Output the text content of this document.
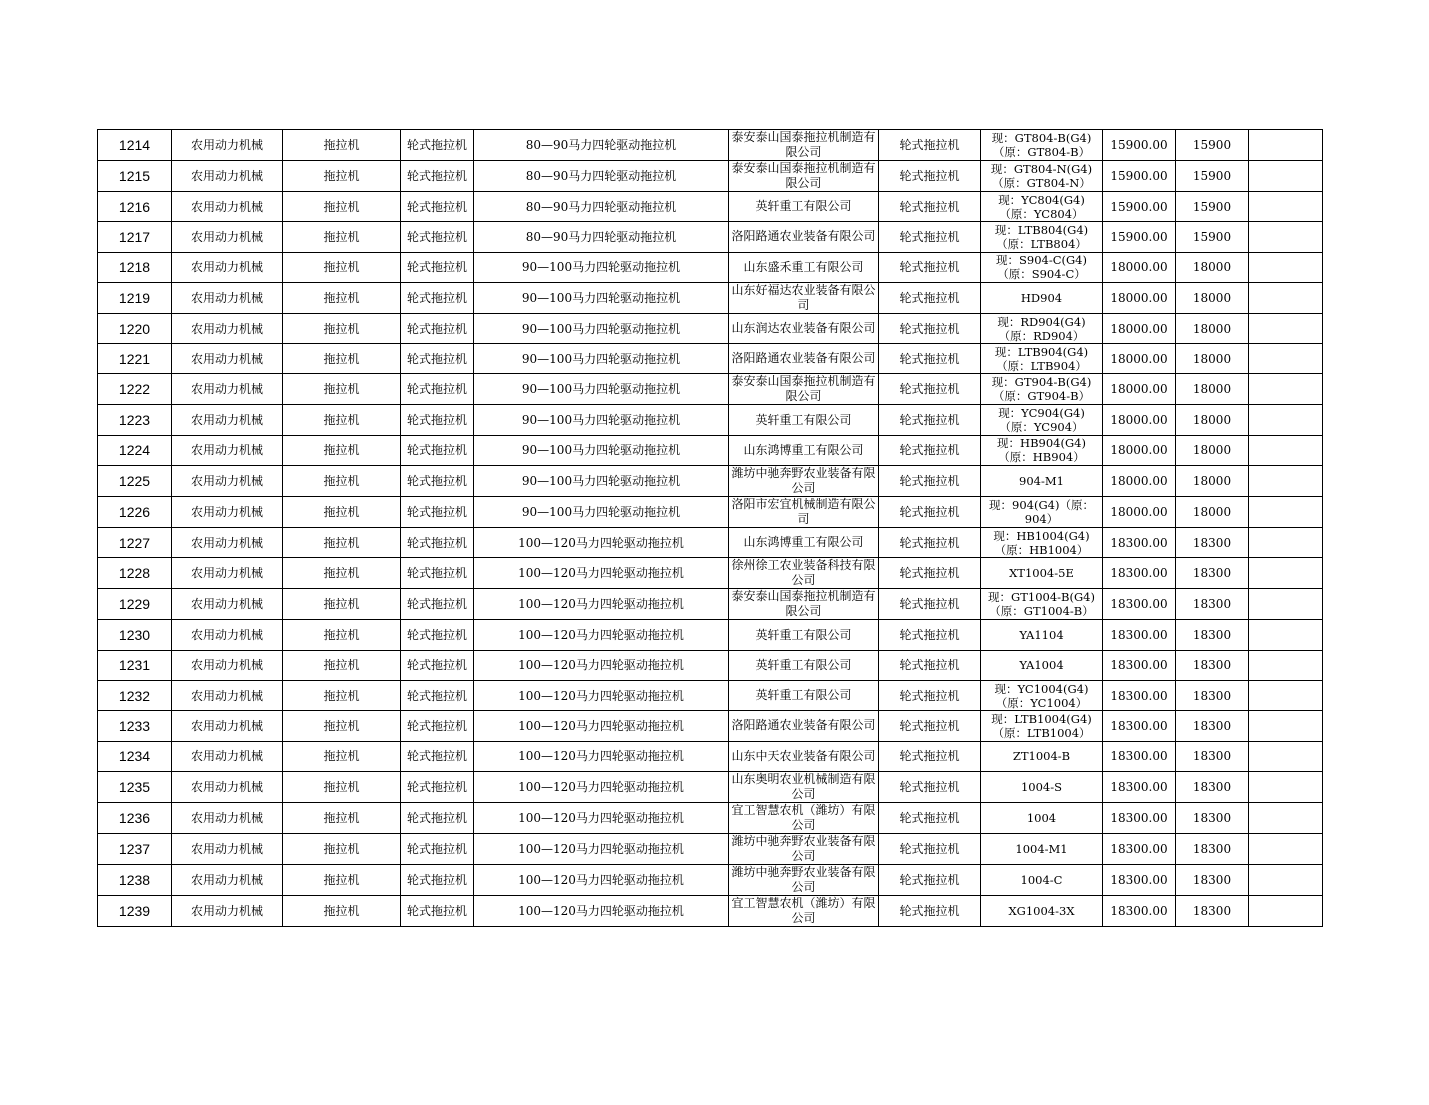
1214	农用动力机械	拖拉机	轮式拖拉机	80—90马力四轮驱动拖拉机	泰安泰山国泰拖拉机制造有限公司	轮式拖拉机	现：GT804-B(G4)（原：GT804-B）	15900.00	15900	
1215	农用动力机械	拖拉机	轮式拖拉机	80—90马力四轮驱动拖拉机	泰安泰山国泰拖拉机制造有限公司	轮式拖拉机	现：GT804-N(G4)（原：GT804-N）	15900.00	15900	
1216	农用动力机械	拖拉机	轮式拖拉机	80—90马力四轮驱动拖拉机	英轩重工有限公司	轮式拖拉机	现：YC804(G4)（原：YC804）	15900.00	15900	
1217	农用动力机械	拖拉机	轮式拖拉机	80—90马力四轮驱动拖拉机	洛阳路通农业装备有限公司	轮式拖拉机	现：LTB804(G4)（原：LTB804）	15900.00	15900	
1218	农用动力机械	拖拉机	轮式拖拉机	90—100马力四轮驱动拖拉机	山东盛禾重工有限公司	轮式拖拉机	现：S904-C(G4)（原：S904-C）	18000.00	18000	
1219	农用动力机械	拖拉机	轮式拖拉机	90—100马力四轮驱动拖拉机	山东好福达农业装备有限公司	轮式拖拉机	HD904	18000.00	18000	
1220	农用动力机械	拖拉机	轮式拖拉机	90—100马力四轮驱动拖拉机	山东润达农业装备有限公司	轮式拖拉机	现：RD904(G4)（原：RD904）	18000.00	18000	
1221	农用动力机械	拖拉机	轮式拖拉机	90—100马力四轮驱动拖拉机	洛阳路通农业装备有限公司	轮式拖拉机	现：LTB904(G4)（原：LTB904）	18000.00	18000	
1222	农用动力机械	拖拉机	轮式拖拉机	90—100马力四轮驱动拖拉机	泰安泰山国泰拖拉机制造有限公司	轮式拖拉机	现：GT904-B(G4)（原：GT904-B）	18000.00	18000	
1223	农用动力机械	拖拉机	轮式拖拉机	90—100马力四轮驱动拖拉机	英轩重工有限公司	轮式拖拉机	现：YC904(G4)（原：YC904）	18000.00	18000	
1224	农用动力机械	拖拉机	轮式拖拉机	90—100马力四轮驱动拖拉机	山东鸿博重工有限公司	轮式拖拉机	现：HB904(G4)（原：HB904）	18000.00	18000	
1225	农用动力机械	拖拉机	轮式拖拉机	90—100马力四轮驱动拖拉机	潍坊中驰奔野农业装备有限公司	轮式拖拉机	904-M1	18000.00	18000	
1226	农用动力机械	拖拉机	轮式拖拉机	90—100马力四轮驱动拖拉机	洛阳市宏宜机械制造有限公司	轮式拖拉机	现：904(G4)（原：904）	18000.00	18000	
1227	农用动力机械	拖拉机	轮式拖拉机	100—120马力四轮驱动拖拉机	山东鸿博重工有限公司	轮式拖拉机	现：HB1004(G4)（原：HB1004）	18300.00	18300	
1228	农用动力机械	拖拉机	轮式拖拉机	100—120马力四轮驱动拖拉机	徐州徐工农业装备科技有限公司	轮式拖拉机	XT1004-5E	18300.00	18300	
1229	农用动力机械	拖拉机	轮式拖拉机	100—120马力四轮驱动拖拉机	泰安泰山国泰拖拉机制造有限公司	轮式拖拉机	现：GT1004-B(G4)（原：GT1004-B）	18300.00	18300	
1230	农用动力机械	拖拉机	轮式拖拉机	100—120马力四轮驱动拖拉机	英轩重工有限公司	轮式拖拉机	YA1104	18300.00	18300	
1231	农用动力机械	拖拉机	轮式拖拉机	100—120马力四轮驱动拖拉机	英轩重工有限公司	轮式拖拉机	YA1004	18300.00	18300	
1232	农用动力机械	拖拉机	轮式拖拉机	100—120马力四轮驱动拖拉机	英轩重工有限公司	轮式拖拉机	现：YC1004(G4)（原：YC1004）	18300.00	18300	
1233	农用动力机械	拖拉机	轮式拖拉机	100—120马力四轮驱动拖拉机	洛阳路通农业装备有限公司	轮式拖拉机	现：LTB1004(G4)（原：LTB1004）	18300.00	18300	
1234	农用动力机械	拖拉机	轮式拖拉机	100—120马力四轮驱动拖拉机	山东中天农业装备有限公司	轮式拖拉机	ZT1004-B	18300.00	18300	
1235	农用动力机械	拖拉机	轮式拖拉机	100—120马力四轮驱动拖拉机	山东奥明农业机械制造有限公司	轮式拖拉机	1004-S	18300.00	18300	
1236	农用动力机械	拖拉机	轮式拖拉机	100—120马力四轮驱动拖拉机	宜工智慧农机（潍坊）有限公司	轮式拖拉机	1004	18300.00	18300	
1237	农用动力机械	拖拉机	轮式拖拉机	100—120马力四轮驱动拖拉机	潍坊中驰奔野农业装备有限公司	轮式拖拉机	1004-M1	18300.00	18300	
1238	农用动力机械	拖拉机	轮式拖拉机	100—120马力四轮驱动拖拉机	潍坊中驰奔野农业装备有限公司	轮式拖拉机	1004-C	18300.00	18300	
1239	农用动力机械	拖拉机	轮式拖拉机	100—120马力四轮驱动拖拉机	宜工智慧农机（潍坊）有限公司	轮式拖拉机	XG1004-3X	18300.00	18300	
